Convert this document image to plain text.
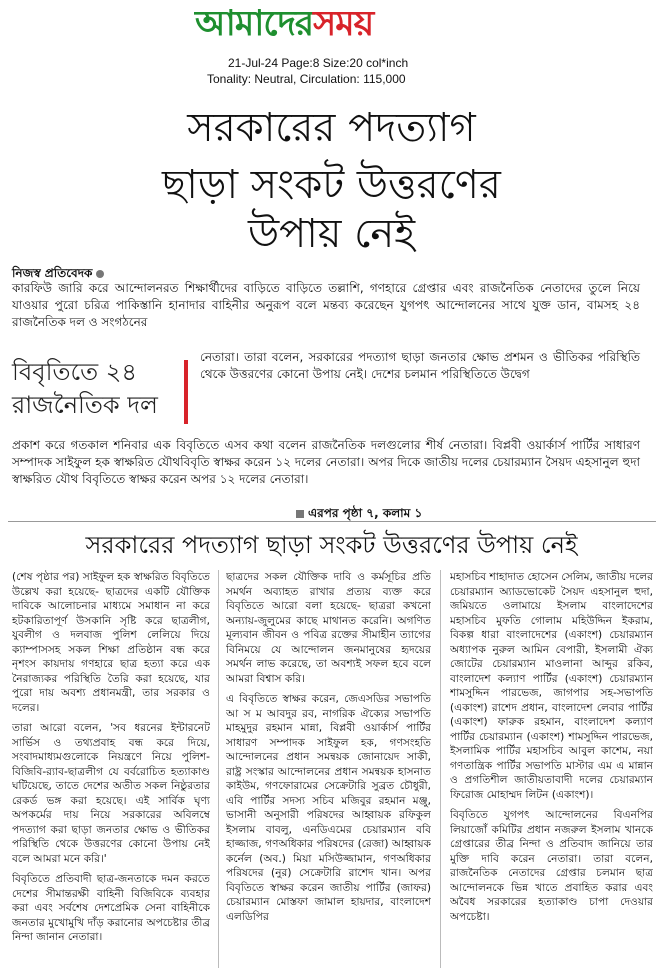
আমাদেরসময়
21-Jul-24 Page:8 Size:20 col*inch
Tonality: Neutral, Circulation: 115,000
সরকারের পদত্যাগ
ছাড়া সংকট উত্তরণের
উপায় নেই
নিজস্ব প্রতিবেদক

কারফিউ জারি করে আন্দোলনরত শিক্ষার্থীদের বাড়িতে বাড়িতে তল্লাশি, গণহারে গ্রেপ্তার এবং রাজনৈতিক নেতাদের তুলে নিয়ে যাওয়ার পুরো চরিত্র পাকিস্তানি হানাদার বাহিনীর অনুরূপ বলে মন্তব্য করেছেন যুগপৎ আন্দোলনের সাথে যুক্ত ডান, বামসহ ২৪ রাজনৈতিক দল ও সংগঠনের

বিবৃতিতে ২৪
রাজনৈতিক দল

নেতারা। তারা বলেন, সরকারের পদত্যাগ ছাড়া জনতার ক্ষোভ প্রশমন ও ভীতিকর পরিস্থিতি থেকে উত্তরণের কোনো উপায় নেই। দেশের চলমান পরিস্থিতিতে উদ্বেগ

প্রকাশ করে গতকাল শনিবার এক বিবৃতিতে এসব কথা বলেন রাজনৈতিক দলগুলোর শীর্ষ নেতারা। বিপ্লবী ওয়ার্কার্স পার্টির সাধারণ সম্পাদক সাইফুল হক স্বাক্ষরিত যৌথবিবৃতি স্বাক্ষর করেন ১২ দলের নেতারা। অপর দিকে জাতীয় দলের চেয়ারম্যান সৈয়দ এহসানুল হুদা স্বাক্ষরিত যৌথ বিবৃতিতে স্বাক্ষর করেন অপর ১২ দলের নেতারা।

এরপর পৃষ্ঠা ৭, কলাম ১
সরকারের পদত্যাগ ছাড়া সংকট উত্তরণের উপায় নেই

(শেষ পৃষ্ঠার পর) সাইফুল হক স্বাক্ষরিত বিবৃতিতে উল্লেখ করা হয়েছে- ছাত্রদের একটি যৌক্তিক দাবিকে আলোচনার মাধ্যমে সমাধান না করে হটকারিতাপূর্ণ উসকানি সৃষ্টি করে ছাত্রলীগ, যুবলীগ ও দলবাজ পুলিশ লেলিয়ে দিয়ে ক্যাম্পাসসহ সকল শিক্ষা প্রতিষ্ঠান বন্ধ করে নৃশংস কায়দায় গণহারে ছাত্র হত্যা করে এক নৈরাজ্যকর পরিস্থিতি তৈরি করা হয়েছে, যার পুরো দায় অবশ্য প্রধানমন্ত্রী, তার সরকার ও দলের।

তারা আরো বলেন, 'সব ধরনের ইন্টারনেট সার্ভিস ও তথ্যপ্রবাহ বন্ধ করে দিয়ে, সংবাদমাধ্যমগুলোকে নিয়ন্ত্রণে নিয়ে পুলিশ-বিজিবি-র‌্যাব-ছাত্রলীগ যে বর্বরোচিত হত্যাকাণ্ড ঘটিয়েছে, তাতে দেশের অতীত সকল নিষ্ঠুরতার রেকর্ড ভঙ্গ করা হয়েছে। এই সার্বিক ঘৃণ্য অপকর্মের দায় নিয়ে সরকারের অবিলম্বে পদত্যাগ করা ছাড়া জনতার ক্ষোভ ও ভীতিকর পরিস্থিতি থেকে উত্তরণের কোনো উপায় নেই বলে আমরা মনে করি।'

বিবৃতিতে প্রতিবাদী ছাত্র-জনতাকে দমন করতে দেশের সীমান্তরক্ষী বাহিনী বিজিবিকে ব্যবহার করা এবং সর্বশেষ দেশপ্রেমিক সেনা বাহিনীকে জনতার মুখোমুখি দাঁড় করানোর অপচেষ্টার তীব্র নিন্দা জানান নেতারা।

ছাত্রদের সকল যৌক্তিক দাবি ও কর্মসূচির প্রতি সমর্থন অব্যাহত রাখার প্রত্যয় ব্যক্ত করে বিবৃতিতে আরো বলা হয়েছে- ছাত্ররা কখনো অন্যায়-জুলুমের কাছে মাথানত করেনি। অগণিত মূল্যবান জীবন ও পবিত্র রক্তের সীমাহীন ত্যাগের বিনিময়ে যে আন্দোলন জনমানুষের হৃদয়ের সমর্থন লাভ করেছে, তা অবশ্যই সফল হবে বলে আমরা বিশ্বাস করি।

এ বিবৃতিতে স্বাক্ষর করেন, জেএসডির সভাপতি আ স ম আবদুর রব, নাগরিক ঐক্যের সভাপতি মাহমুদুর রহমান মান্না, বিপ্লবী ওয়ার্কার্স পার্টির সাধারণ সম্পাদক সাইফুল হক, গণসংহতি আন্দোলনের প্রধান সমন্বয়ক জোনায়েদ সাকী, রাষ্ট্র সংস্কার আন্দোলনের প্রধান সমন্বয়ক হাসনাত কাইউম, গণফোরামের সেক্রেটারি সুব্রত চৌধুরী, এবি পার্টির সদস্য সচিব মজিবুর রহমান মঞ্জু, ভাসানী অনুসারী পরিষদের আহ্বায়ক রফিকুল ইসলাম বাবলু, এনডিএমের চেয়ারম্যান ববি হাজ্জাজ, গণঅধিকার পরিষদের (রেজা) আহ্বায়ক কর্নেল (অব.) মিয়া মসিউজ্জামান, গণঅধিকার পরিষদের (নুর) সেক্রেটারি রাশেদ খান। অপর বিবৃতিতে স্বাক্ষর করেন জাতীয় পার্টির (জাফর) চেয়ারম্যান মোস্তফা জামাল হায়দার, বাংলাদেশ এলডিপির

মহাসচিব শাহাদাত হোসেন সেলিম, জাতীয় দলের চেয়ারম্যান অ্যাডভোকেট সৈয়দ এহসানুল হুদা, জমিয়তে ওলামায়ে ইসলাম বাংলাদেশের মহাসচিব মুফতি গোলাম মহিউদ্দিন ইকরাম, বিকল্প ধারা বাংলাদেশের (একাংশ) চেয়ারম্যান অধ্যাপক নুরুল আমিন বেপারী, ইসলামী ঐক্য জোটের চেয়ারম্যান মাওলানা আব্দুর রকিব, বাংলাদেশ কল্যাণ পার্টির (একাংশ) চেয়ারম্যান শামসুদ্দিন পারভেজ, জাগপার সহ-সভাপতি (একাংশ) রাশেদ প্রধান, বাংলাদেশ লেবার পার্টির (একাংশ) ফারুক রহমান, বাংলাদেশ কল্যাণ পার্টির চেয়ারম্যান (একাংশ) শামসুদ্দিন পারভেজ, ইসলামিক পার্টির মহাসচিব আবুল কাশেম, নয়া গণতান্ত্রিক পার্টির সভাপতি মাস্টার এম এ মান্নান ও প্রগতিশীল জাতীয়তাবাদী দলের চেয়ারম্যান ফিরোজ মোহাম্মদ লিটন (একাংশ)।

বিবৃতিতে যুগপৎ আন্দোলনের বিএনপির লিয়াজোঁ কমিটির প্রধান নজরুল ইসলাম খানকে গ্রেপ্তারের তীব্র নিন্দা ও প্রতিবাদ জানিয়ে তার মুক্তি দাবি করেন নেতারা। তারা বলেন, রাজনৈতিক নেতাদের গ্রেপ্তার চলমান ছাত্র আন্দোলনকে ভিন্ন খাতে প্রবাহিত করার এবং অবৈধ সরকারের হত্যাকাণ্ড চাপা দেওয়ার অপচেষ্টা।
